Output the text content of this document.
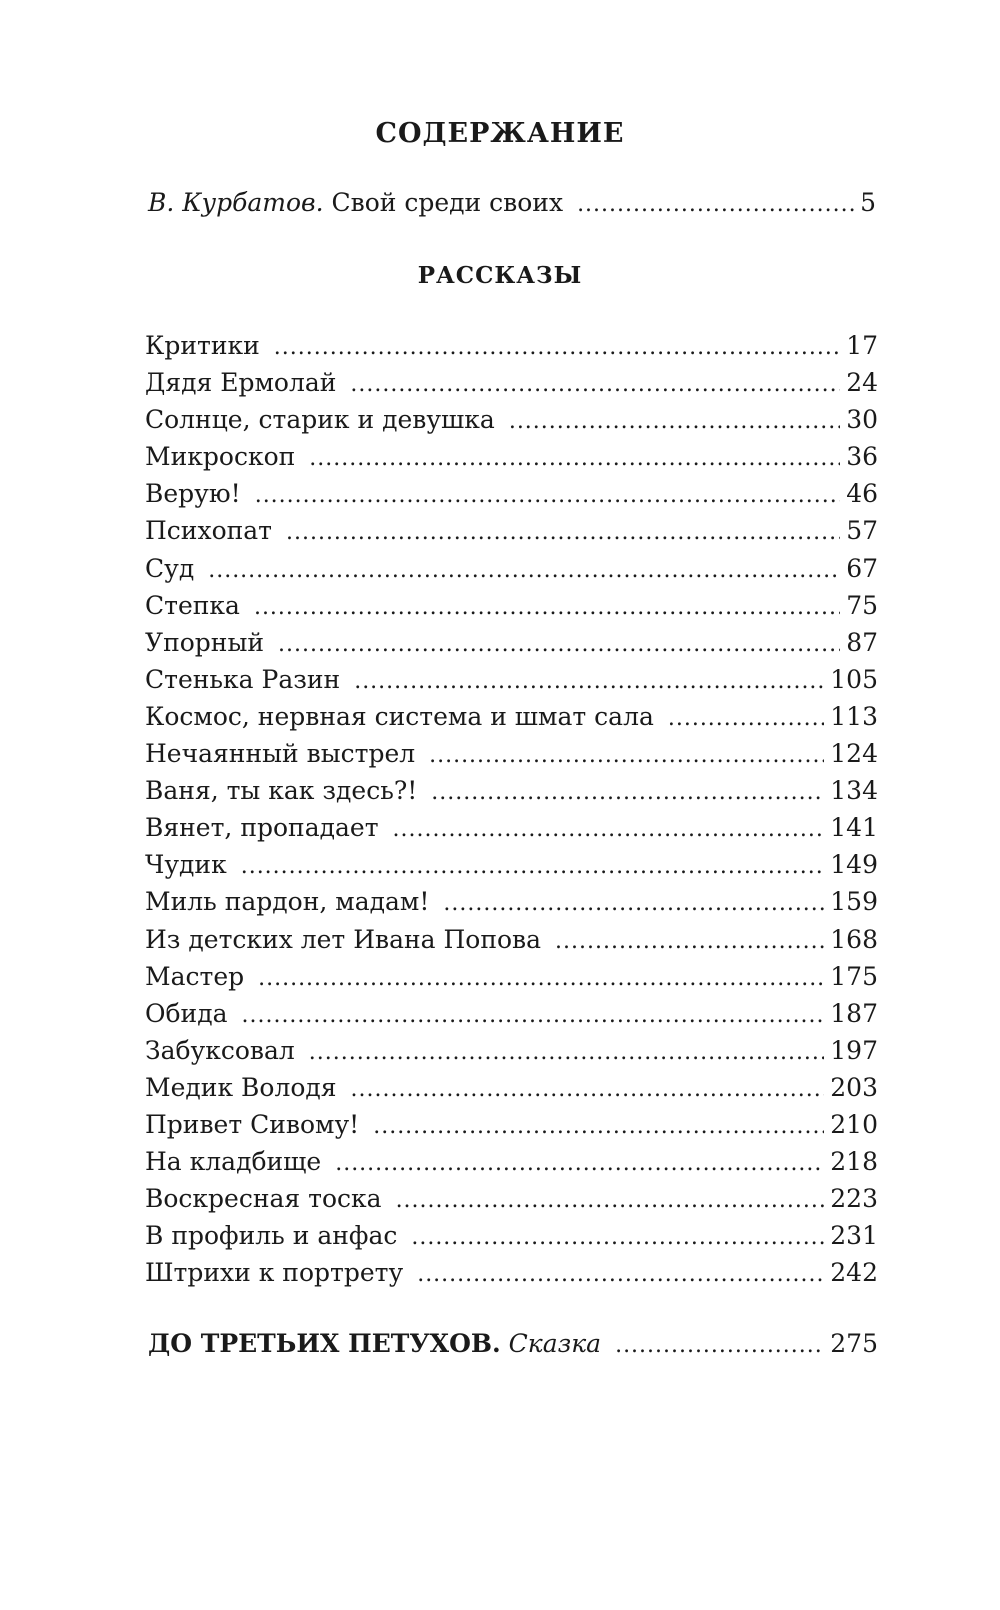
СОДЕРЖАНИЕ
В. Курбатов. Свой среди своих . . .	5
РАССКАЗЫ
Критики . . .	17
Дядя Ермолай . . .	24
Солнце, старик и девушка . . .	30
Микроскоп . . .	36
Верую! . . .	46
Психопат . . .	57
Суд . . .	67
Степка . . .	75
Упорный . . .	87
Стенька Разин . . .	105
Космос, нервная система и шмат сала . . .	113
Нечаянный выстрел . . .	124
Ваня, ты как здесь?! . . .	134
Вянет, пропадает . . .	141
Чудик . . .	149
Миль пардон, мадам! . . .	159
Из детских лет Ивана Попова . . .	168
Мастер . . .	175
Обида . . .	187
Забуксовал . . .	197
Медик Володя . . .	203
Привет Сивому! . . .	210
На кладбище . . .	218
Воскресная тоска . . .	223
В профиль и анфас . . .	231
Штрихи к портрету . . .	242
ДО ТРЕТЬИХ ПЕТУХОВ. Сказка . . .	275
